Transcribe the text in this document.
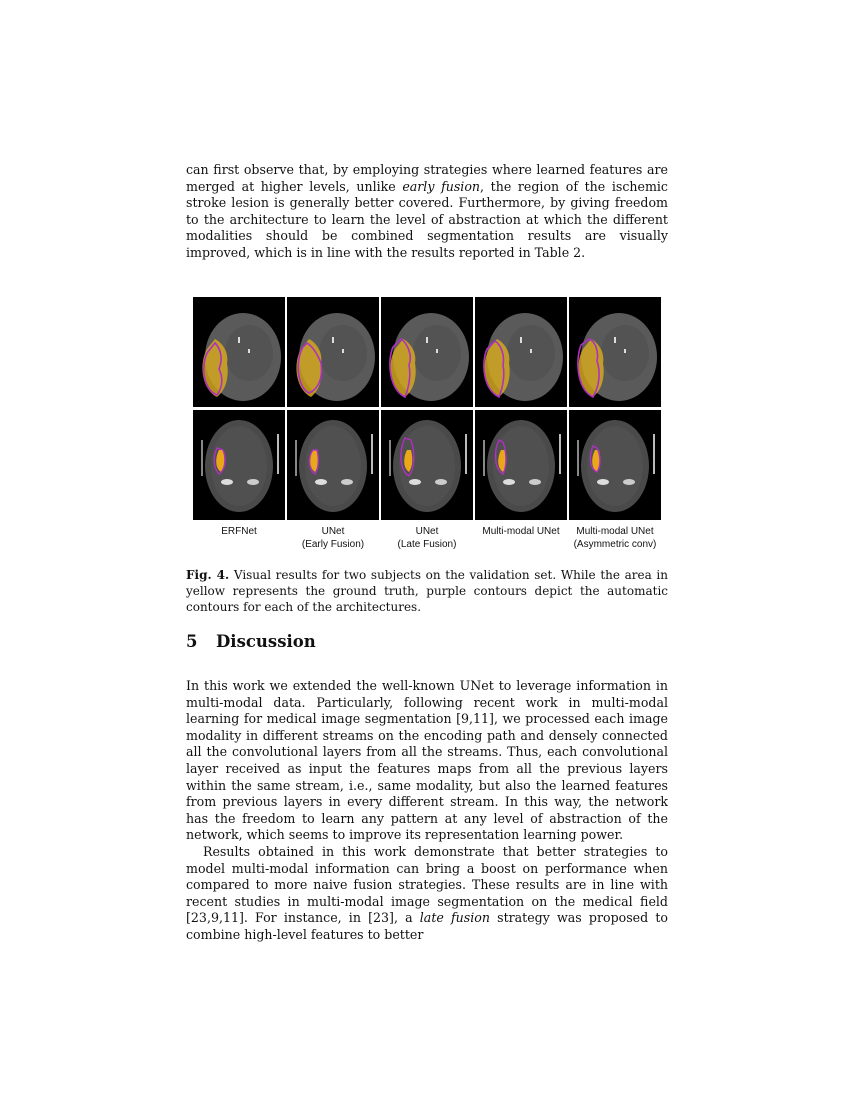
can first observe that, by employing strategies where learned features are merged at higher levels, unlike early fusion, the region of the ischemic stroke lesion is generally better covered. Furthermore, by giving freedom to the architecture to learn the level of abstraction at which the different modalities should be combined segmentation results are visually improved, which is in line with the results reported in Table 2.
ERFNet	UNet
(Early Fusion)
UNet
(Late Fusion)
Multi-modal UNet	Multi-modal UNet
(Asymmetric conv)
Fig. 4. Visual results for two subjects on the validation set. While the area in yellow represents the ground truth, purple contours depict the automatic contours for each of the architectures.
5 Discussion
In this work we extended the well-known UNet to leverage information in multi-modal data. Particularly, following recent work in multi-modal learning for medical image segmentation [9,11], we processed each image modality in different streams on the encoding path and densely connected all the convolutional layers from all the streams. Thus, each convolutional layer received as input the features maps from all the previous layers within the same stream, i.e., same modality, but also the learned features from previous layers in every different stream. In this way, the network has the freedom to learn any pattern at any level of abstraction of the network, which seems to improve its representation learning power.
Results obtained in this work demonstrate that better strategies to model multi-modal information can bring a boost on performance when compared to more naive fusion strategies. These results are in line with recent studies in multi-modal image segmentation on the medical field [23,9,11]. For instance, in [23], a late fusion strategy was proposed to combine high-level features to better
